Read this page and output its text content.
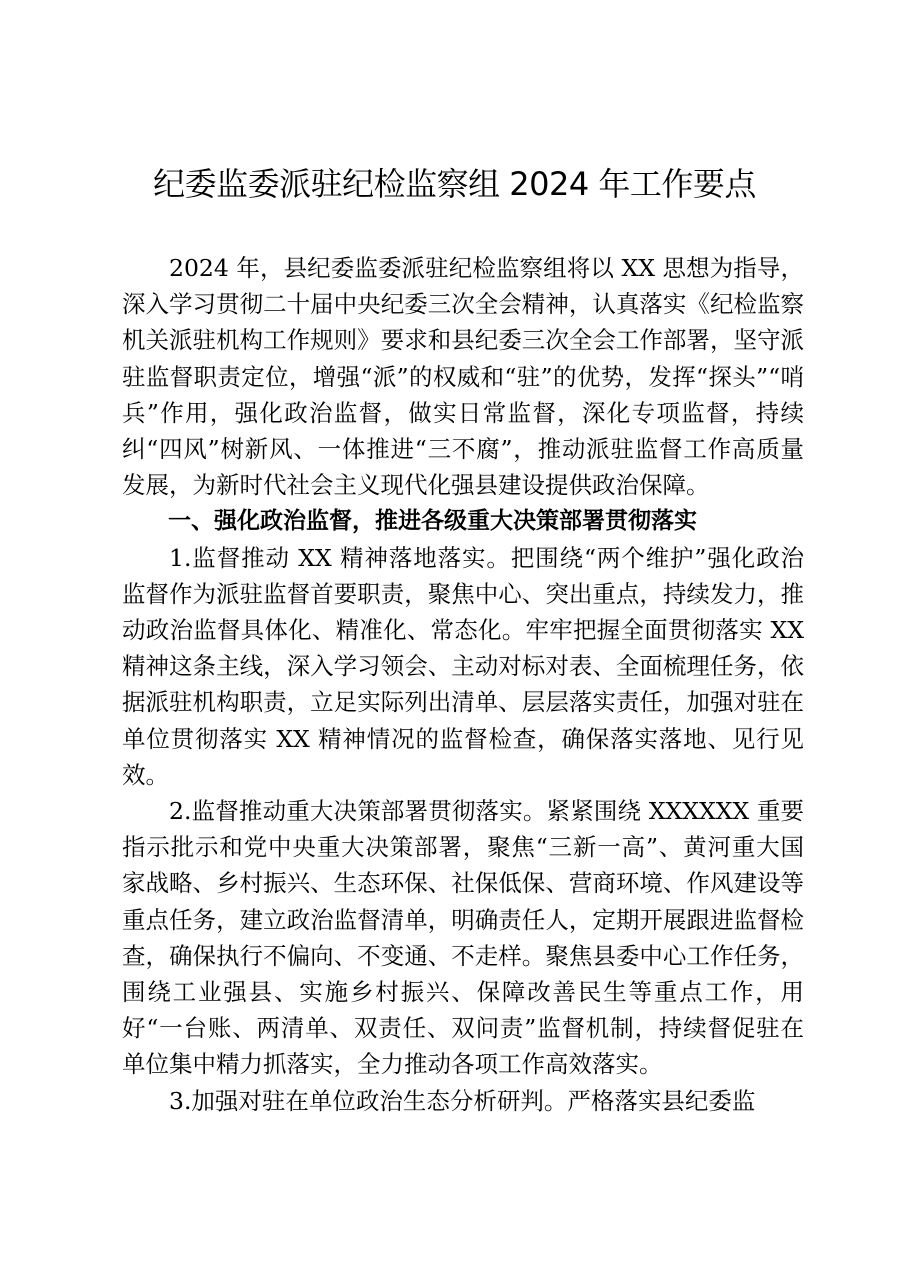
纪委监委派驻纪检监察组 2024 年工作要点

2024 年，县纪委监委派驻纪检监察组将以 XX 思想为指导，深入学习贯彻二十届中央纪委三次全会精神，认真落实《纪检监察机关派驻机构工作规则》要求和县纪委三次全会工作部署，坚守派驻监督职责定位，增强“派”的权威和“驻”的优势，发挥“探头”“哨兵”作用，强化政治监督，做实日常监督，深化专项监督，持续纠“四风”树新风、一体推进“三不腐”，推动派驻监督工作高质量发展，为新时代社会主义现代化强县建设提供政治保障。

一、强化政治监督，推进各级重大决策部署贯彻落实

1.监督推动 XX 精神落地落实。把围绕“两个维护”强化政治监督作为派驻监督首要职责，聚焦中心、突出重点，持续发力，推动政治监督具体化、精准化、常态化。牢牢把握全面贯彻落实 XX 精神这条主线，深入学习领会、主动对标对表、全面梳理任务，依据派驻机构职责，立足实际列出清单、层层落实责任，加强对驻在单位贯彻落实 XX 精神情况的监督检查，确保落实落地、见行见效。

2.监督推动重大决策部署贯彻落实。紧紧围绕 XXXXXX 重要指示批示和党中央重大决策部署，聚焦“三新一高”、黄河重大国家战略、乡村振兴、生态环保、社保低保、营商环境、作风建设等重点任务，建立政治监督清单，明确责任人，定期开展跟进监督检查，确保执行不偏向、不变通、不走样。聚焦县委中心工作任务，围绕工业强县、实施乡村振兴、保障改善民生等重点工作，用好“一台账、两清单、双责任、双问责”监督机制，持续督促驻在单位集中精力抓落实，全力推动各项工作高效落实。

3.加强对驻在单位政治生态分析研判。严格落实县纪委监
